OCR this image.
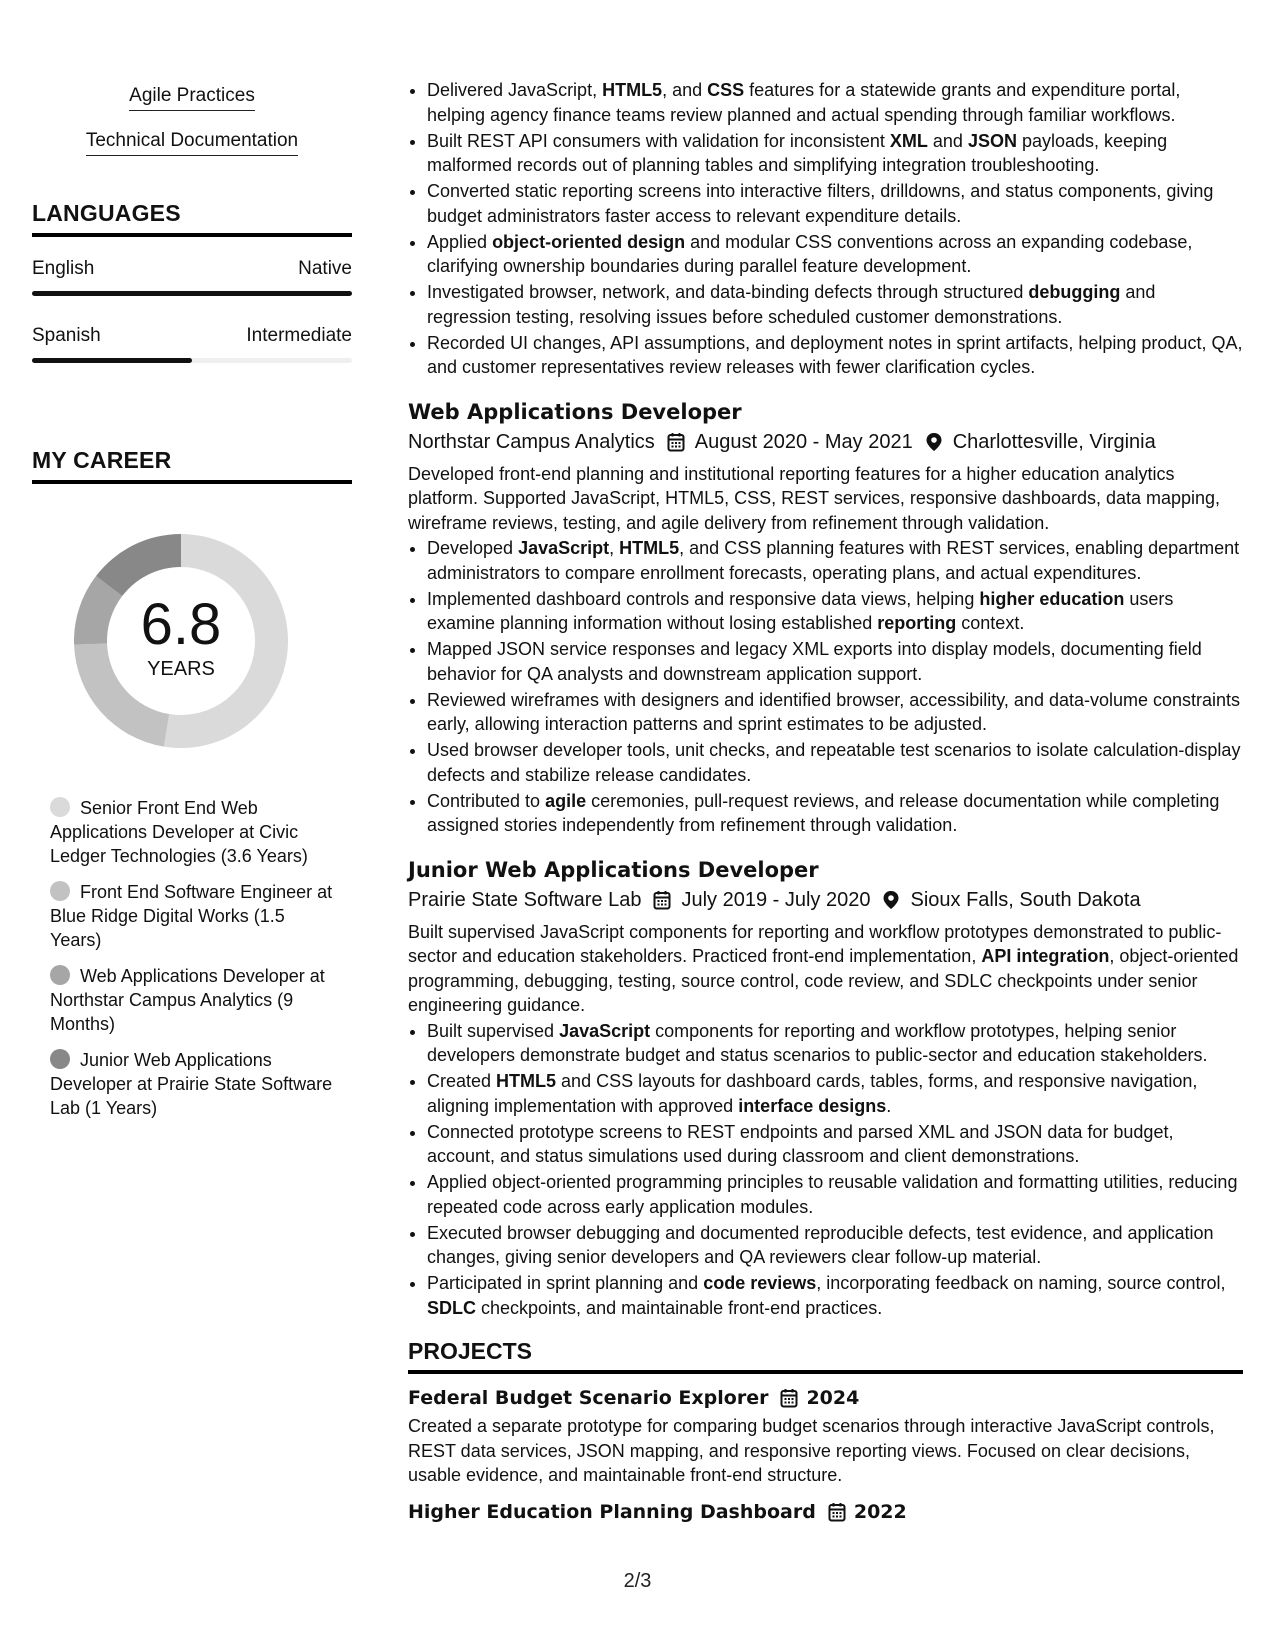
Agile Practices
Technical Documentation
LANGUAGES
English	Native
Spanish	Intermediate
MY CAREER
6.8
YEARS
Senior Front End Web Applications Developer at Civic Ledger Technologies (3.6 Years)
Front End Software Engineer at Blue Ridge Digital Works (1.5 Years)
Web Applications Developer at Northstar Campus Analytics (9 Months)
Junior Web Applications Developer at Prairie State Software Lab (1 Years)
• Delivered JavaScript, HTML5, and CSS features for a statewide grants and expenditure portal, helping agency finance teams review planned and actual spending through familiar workflows.
• Built REST API consumers with validation for inconsistent XML and JSON payloads, keeping malformed records out of planning tables and simplifying integration troubleshooting.
• Converted static reporting screens into interactive filters, drilldowns, and status components, giving budget administrators faster access to relevant expenditure details.
• Applied object-oriented design and modular CSS conventions across an expanding codebase, clarifying ownership boundaries during parallel feature development.
• Investigated browser, network, and data-binding defects through structured debugging and regression testing, resolving issues before scheduled customer demonstrations.
• Recorded UI changes, API assumptions, and deployment notes in sprint artifacts, helping product, QA, and customer representatives review releases with fewer clarification cycles.
Web Applications Developer
Northstar Campus Analytics August 2020 - May 2021 Charlottesville, Virginia

Developed front-end planning and institutional reporting features for a higher education analytics platform. Supported JavaScript, HTML5, CSS, REST services, responsive dashboards, data mapping, wireframe reviews, testing, and agile delivery from refinement through validation.

• Developed JavaScript, HTML5, and CSS planning features with REST services, enabling department administrators to compare enrollment forecasts, operating plans, and actual expenditures.
• Implemented dashboard controls and responsive data views, helping higher education users examine planning information without losing established reporting context.
• Mapped JSON service responses and legacy XML exports into display models, documenting field behavior for QA analysts and downstream application support.
• Reviewed wireframes with designers and identified browser, accessibility, and data-volume constraints early, allowing interaction patterns and sprint estimates to be adjusted.
• Used browser developer tools, unit checks, and repeatable test scenarios to isolate calculation-display defects and stabilize release candidates.
• Contributed to agile ceremonies, pull-request reviews, and release documentation while completing assigned stories independently from refinement through validation.
Junior Web Applications Developer
Prairie State Software Lab July 2019 - July 2020 Sioux Falls, South Dakota

Built supervised JavaScript components for reporting and workflow prototypes demonstrated to public-sector and education stakeholders. Practiced front-end implementation, API integration, object-oriented programming, debugging, testing, source control, code review, and SDLC checkpoints under senior engineering guidance.

• Built supervised JavaScript components for reporting and workflow prototypes, helping senior developers demonstrate budget and status scenarios to public-sector and education stakeholders.
• Created HTML5 and CSS layouts for dashboard cards, tables, forms, and responsive navigation, aligning implementation with approved interface designs.
• Connected prototype screens to REST endpoints and parsed XML and JSON data for budget, account, and status simulations used during classroom and client demonstrations.
• Applied object-oriented programming principles to reusable validation and formatting utilities, reducing repeated code across early application modules.
• Executed browser debugging and documented reproducible defects, test evidence, and application changes, giving senior developers and QA reviewers clear follow-up material.
• Participated in sprint planning and code reviews, incorporating feedback on naming, source control, SDLC checkpoints, and maintainable front-end practices.
PROJECTS
Federal Budget Scenario Explorer 2024

Created a separate prototype for comparing budget scenarios through interactive JavaScript controls, REST data services, JSON mapping, and responsive reporting views. Focused on clear decisions, usable evidence, and maintainable front-end structure.

Higher Education Planning Dashboard 2022
2/3
